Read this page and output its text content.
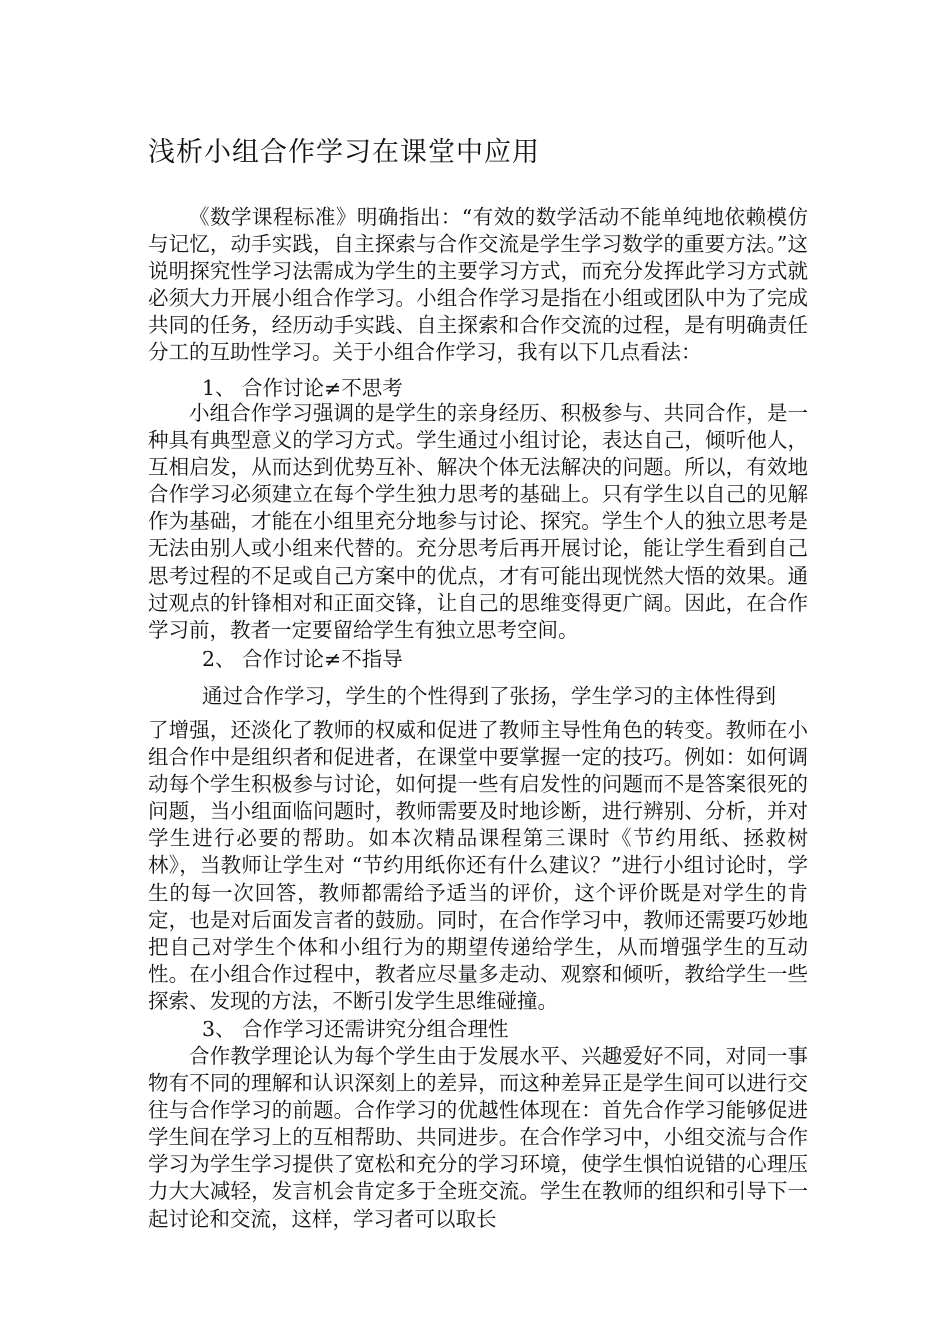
浅析小组合作学习在课堂中应用

《数学课程标准》明确指出：“有效的数学活动不能单纯地依赖模仿与记忆，动手实践，自主探索与合作交流是学生学习数学的重要方法。”这说明探究性学习法需成为学生的主要学习方式，而充分发挥此学习方式就必须大力开展小组合作学习。小组合作学习是指在小组或团队中为了完成共同的任务，经历动手实践、自主探索和合作交流的过程，是有明确责任分工的互助性学习。关于小组合作学习，我有以下几点看法：

1、 合作讨论≠不思考

小组合作学习强调的是学生的亲身经历、积极参与、共同合作，是一种具有典型意义的学习方式。学生通过小组讨论，表达自己，倾听他人，互相启发，从而达到优势互补、解决个体无法解决的问题。所以，有效地合作学习必须建立在每个学生独力思考的基础上。只有学生以自己的见解作为基础，才能在小组里充分地参与讨论、探究。学生个人的独立思考是无法由别人或小组来代替的。充分思考后再开展讨论，能让学生看到自己思考过程的不足或自己方案中的优点，才有可能出现恍然大悟的效果。通过观点的针锋相对和正面交锋，让自己的思维变得更广阔。因此，在合作学习前，教者一定要留给学生有独立思考空间。

2、 合作讨论≠不指导

通过合作学习，学生的个性得到了张扬，学生学习的主体性得到

了增强，还淡化了教师的权威和促进了教师主导性角色的转变。教师在小组合作中是组织者和促进者，在课堂中要掌握一定的技巧。例如：如何调动每个学生积极参与讨论，如何提一些有启发性的问题而不是答案很死的问题，当小组面临问题时，教师需要及时地诊断，进行辨别、分析，并对学生进行必要的帮助。如本次精品课程第三课时《节约用纸、拯救树林》，当教师让学生对 “节约用纸你还有什么建议？”进行小组讨论时，学生的每一次回答，教师都需给予适当的评价，这个评价既是对学生的肯定，也是对后面发言者的鼓励。同时，在合作学习中，教师还需要巧妙地把自己对学生个体和小组行为的期望传递给学生，从而增强学生的互动性。在小组合作过程中，教者应尽量多走动、观察和倾听，教给学生一些探索、发现的方法，不断引发学生思维碰撞。

3、 合作学习还需讲究分组合理性

合作教学理论认为每个学生由于发展水平、兴趣爱好不同，对同一事物有不同的理解和认识深刻上的差异，而这种差异正是学生间可以进行交往与合作学习的前题。合作学习的优越性体现在：首先合作学习能够促进学生间在学习上的互相帮助、共同进步。在合作学习中，小组交流与合作学习为学生学习提供了宽松和充分的学习环境，使学生惧怕说错的心理压力大大减轻，发言机会肯定多于全班交流。学生在教师的组织和引导下一起讨论和交流，这样，学习者可以取长
